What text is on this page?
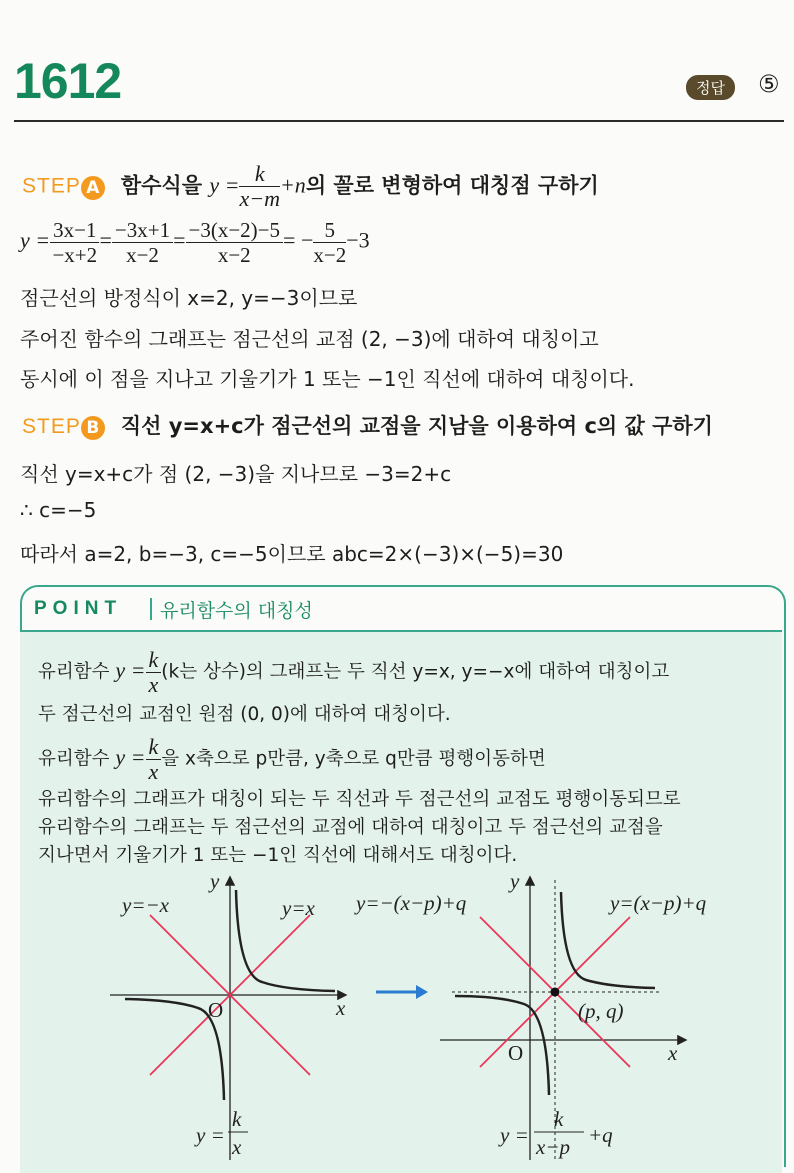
1612	정답	⑤
STEP A 함수식을 $y = \frac{k}{x-m} +n$의 꼴로 변형하여 대칭점 구하기
$y = \frac{3x-1}{-x+2} = \frac{-3x+1}{x-2} = \frac{-3(x-2)-5}{x-2}$ = − $\frac{5}{x-2} -3$
점근선의 방정식이 x=2, y=−3이므로
주어진 함수의 그래프는 점근선의 교점 (2, −3)에 대하여 대칭이고
동시에 이 점을 지나고 기울기가 1 또는 −1인 직선에 대하여 대칭이다.
STEP B 직선 y=x+c가 점근선의 교점을 지남을 이용하여 c의 값 구하기
직선 y=x+c가 점 (2, −3)을 지나므로 −3=2+c
∴ c=−5
따라서 a=2, b=−3, c=−5이므로 abc=2×(−3)×(−5)=30
POINT 유리함수의 대칭성
유리함수 $y = \frac{k}{x} (k$는 상수)의 그래프는 두 직선 y=x, y=−x에 대하여 대칭이고
두 점근선의 교점인 원점 (0, 0)에 대하여 대칭이다.
유리함수 $y = \frac{k}{x}$ 을 x축으로 p만큼, y축으로 q만큼 평행이동하면
유리함수의 그래프가 대칭이 되는 두 직선과 두 점근선의 교점도 평행이동되므로
유리함수의 그래프는 두 점근선의 교점에 대하여 대칭이고 두 점근선의 교점을
지나면서 기울기가 1 또는 −1인 직선에 대해서도 대칭이다.
y=−x	y=x
y
x
O
y =
k
x
y=−(x−p)+q	y=(x−p)+q
y
x
O
(p, q)
y =
k
x−p +q
